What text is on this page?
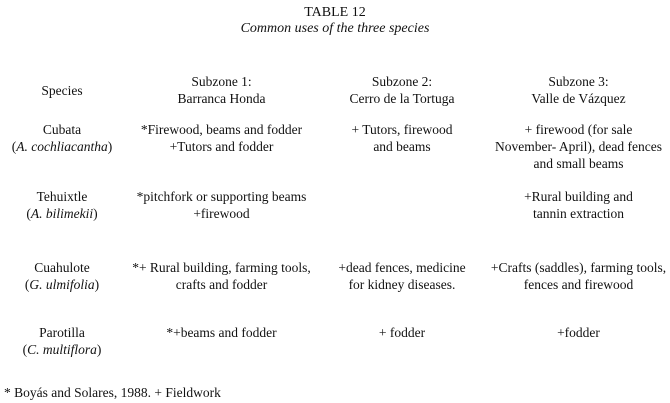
TABLE 12
Common uses of the three species
Species
Subzone 1:
Barranca Honda
Subzone 2:
Cerro de la Tortuga
Subzone 3:
Valle de Vázquez
Cubata
(A. cochliacantha)
*Firewood, beams and fodder
+Tutors and fodder
+ Tutors, firewood
and beams
+ firewood (for sale
November- April), dead fences
and small beams
Tehuixtle
(A. bilimekii)
*pitchfork or supporting beams
+firewood
+Rural building and
tannin extraction
Cuahulote
(G. ulmifolia)
*+ Rural building, farming tools,
crafts and fodder
+dead fences, medicine
for kidney diseases.
+Crafts (saddles), farming tools,
fences and firewood
Parotilla
(C. multiflora)
*+beams and fodder	+ fodder	+fodder
* Boyás and Solares, 1988. + Fieldwork
